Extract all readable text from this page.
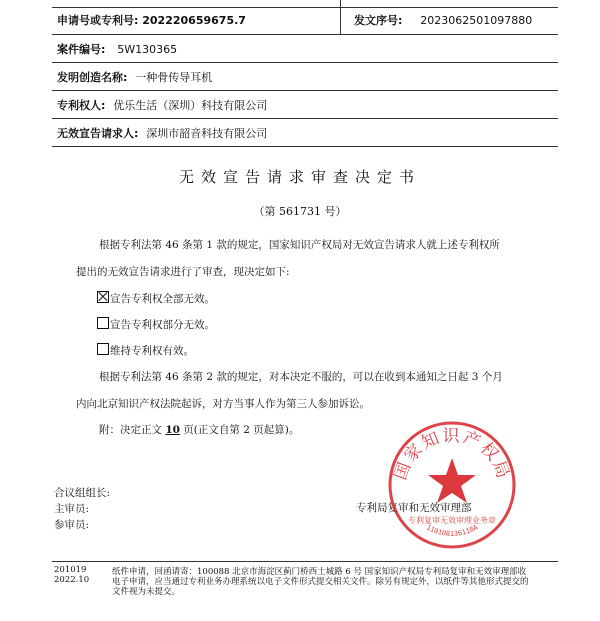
申请号或专利号: 202220659675.7	发文序号: 2023062501097880
案件编号: 5W130365
发明创造名称: 一种骨传导耳机
专利权人: 优乐生活（深圳）科技有限公司
无效宣告请求人: 深圳市韶音科技有限公司
无效宣告请求审查决定书
（第 561731 号）
根据专利法第 46 条第 1 款的规定，国家知识产权局对无效宣告请求人就上述专利权所
提出的无效宣告请求进行了审查，现决定如下:
宣告专利权全部无效。
宣告专利权部分无效。
维持专利权有效。
根据专利法第 46 条第 2 款的规定，对本决定不服的，可以在收到本通知之日起 3 个月
内向北京知识产权法院起诉，对方当事人作为第三人参加诉讼。
附：决定正文 10 页(正文自第 2 页起算)。
合议组组长:
主审员:
参审员:
专利局复审和无效审理部
国家知识产权局
专利复审无效审理业务章
110108136118A
201019
2022.10
纸件申请，回函请寄：100088 北京市海淀区蓟门桥西土城路 6 号 国家知识产权局专利局复审和无效审理部收
电子申请，应当通过专利业务办理系统以电子文件形式提交相关文件。除另有规定外，以纸件等其他形式提交的
文件视为未提交。
